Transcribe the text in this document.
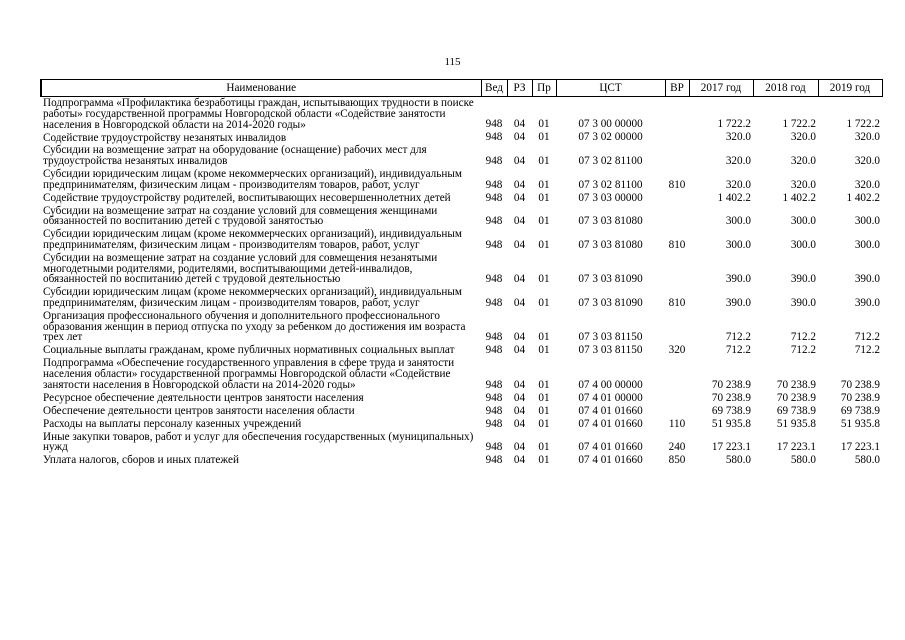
115
Наименование	Вед	РЗ	Пр	ЦСТ	ВР	2017 год	2018 год	2019 год
Подпрограмма «Профилактика безработицы граждан, испытывающих трудности в поиске работы» государственной программы Новгородской области «Содействие занятости населения в Новгородской области на 2014-2020 годы»	948	04	01	07 3 00 00000		1 722.2	1 722.2	1 722.2
Содействие трудоустройству незанятых инвалидов	948	04	01	07 3 02 00000		320.0	320.0	320.0
Субсидии на возмещение затрат на оборудование (оснащение) рабочих мест для трудоустройства незанятых инвалидов	948	04	01	07 3 02 81100		320.0	320.0	320.0
Субсидии юридическим лицам (кроме некоммерческих организаций), индивидуальным предпринимателям, физическим лицам - производителям товаров, работ, услуг	948	04	01	07 3 02 81100	810	320.0	320.0	320.0
Содействие трудоустройству родителей, воспитывающих несовершеннолетних детей	948	04	01	07 3 03 00000		1 402.2	1 402.2	1 402.2
Субсидии на возмещение затрат на создание условий для совмещения женщинами обязанностей по воспитанию детей с трудовой занятостью	948	04	01	07 3 03 81080		300.0	300.0	300.0
Субсидии юридическим лицам (кроме некоммерческих организаций), индивидуальным предпринимателям, физическим лицам - производителям товаров, работ, услуг	948	04	01	07 3 03 81080	810	300.0	300.0	300.0
Субсидии на возмещение затрат на создание условий для совмещения незанятыми многодетными родителями, родителями, воспитывающими детей-инвалидов, обязанностей по воспитанию детей с трудовой деятельностью	948	04	01	07 3 03 81090		390.0	390.0	390.0
Субсидии юридическим лицам (кроме некоммерческих организаций), индивидуальным предпринимателям, физическим лицам - производителям товаров, работ, услуг	948	04	01	07 3 03 81090	810	390.0	390.0	390.0
Организация профессионального обучения и дополнительного профессионального образования женщин в период отпуска по уходу за ребенком до достижения им возраста трех лет	948	04	01	07 3 03 81150		712.2	712.2	712.2
Социальные выплаты гражданам, кроме публичных нормативных социальных выплат	948	04	01	07 3 03 81150	320	712.2	712.2	712.2
Подпрограмма «Обеспечение государственного управления в сфере труда и занятости населения области» государственной программы Новгородской области «Содействие занятости населения в Новгородской области на 2014-2020 годы»	948	04	01	07 4 00 00000		70 238.9	70 238.9	70 238.9
Ресурсное обеспечение деятельности центров занятости населения	948	04	01	07 4 01 00000		70 238.9	70 238.9	70 238.9
Обеспечение деятельности центров занятости населения области	948	04	01	07 4 01 01660		69 738.9	69 738.9	69 738.9
Расходы на выплаты персоналу казенных учреждений	948	04	01	07 4 01 01660	110	51 935.8	51 935.8	51 935.8
Иные закупки товаров, работ и услуг для обеспечения государственных (муниципальных) нужд	948	04	01	07 4 01 01660	240	17 223.1	17 223.1	17 223.1
Уплата налогов, сборов и иных платежей	948	04	01	07 4 01 01660	850	580.0	580.0	580.0
